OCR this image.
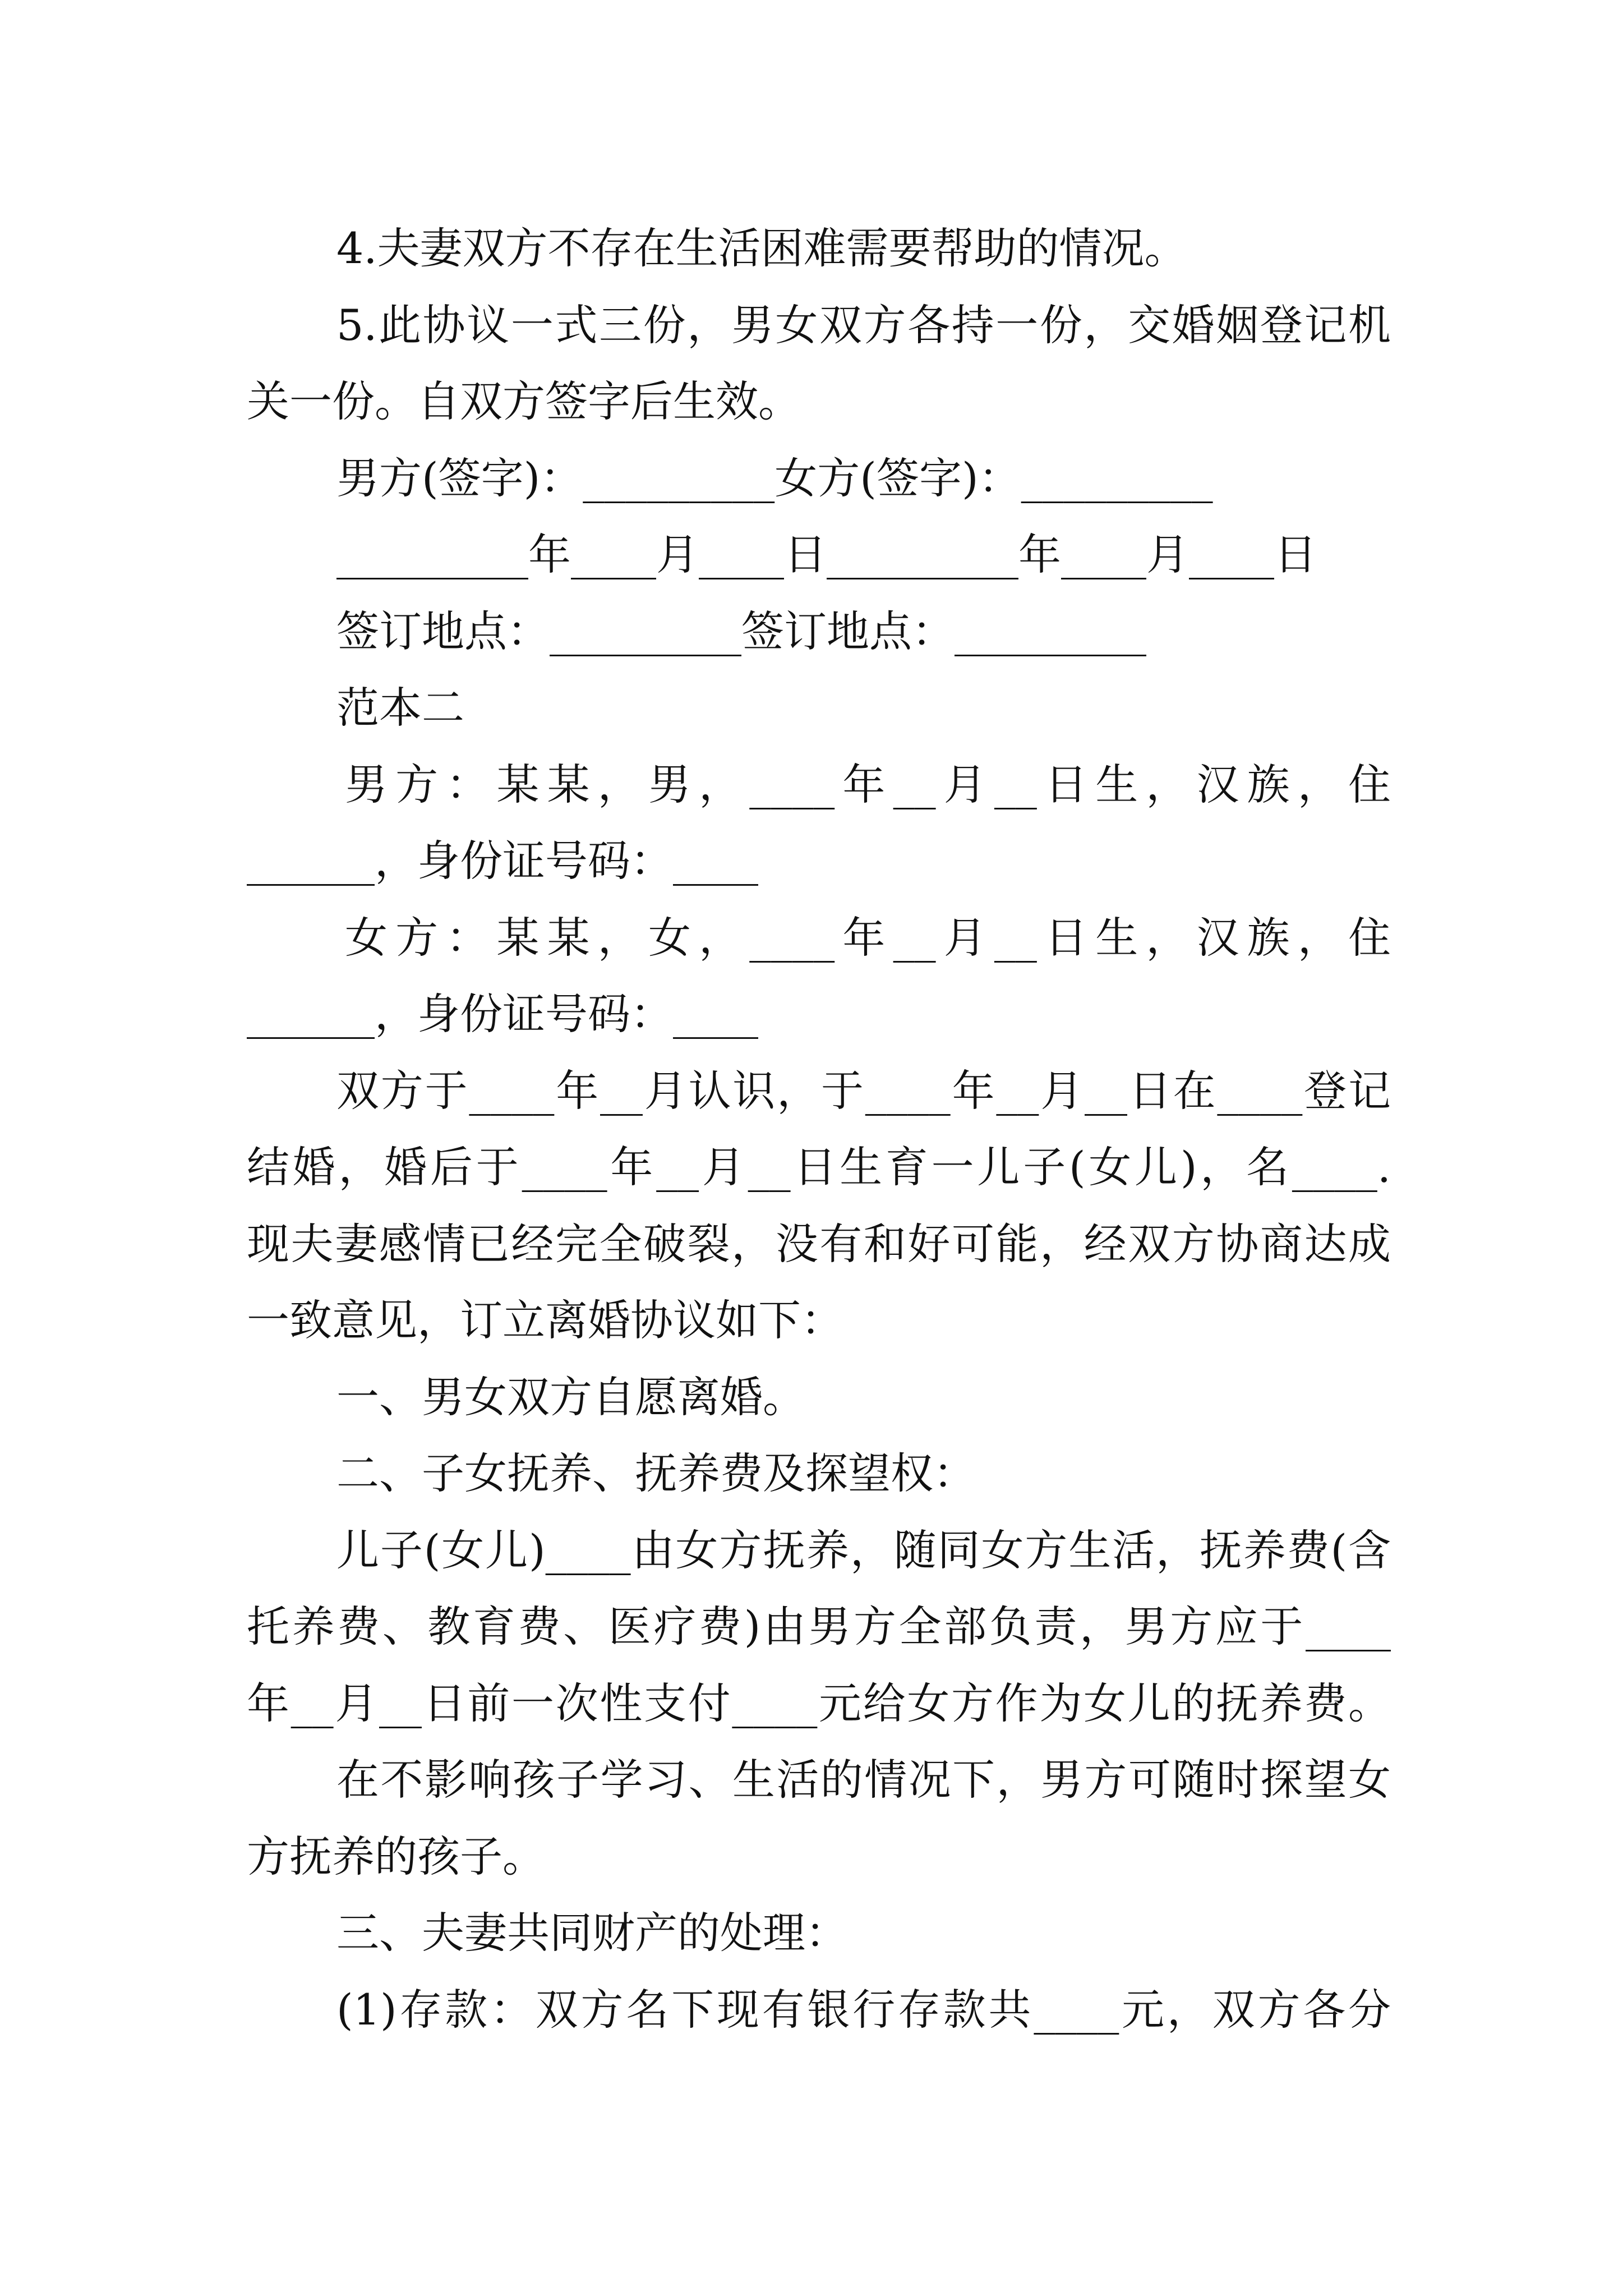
4.夫妻双方不存在生活困难需要帮助的情况。
5.此协议一式三份，男女双方各持一份，交婚姻登记机
关一份。自双方签字后生效。
男方(签字)：_________女方(签字)：_________
_________年____月____日_________年____月____日
签订地点：_________签订地点：_________
范本二
男方：某某，男，____年__月__日生，汉族，住
______，身份证号码：____
女方：某某，女，____年__月__日生，汉族，住
______，身份证号码：____
双方于____年__月认识，于____年__月__日在____登记
结婚，婚后于____年__月__日生育一儿子(女儿)，名____.
现夫妻感情已经完全破裂，没有和好可能，经双方协商达成
一致意见，订立离婚协议如下：
一、男女双方自愿离婚。
二、子女抚养、抚养费及探望权：
儿子(女儿)____由女方抚养，随同女方生活，抚养费(含
托养费、教育费、医疗费)由男方全部负责，男方应于____
年__月__日前一次性支付____元给女方作为女儿的抚养费。
在不影响孩子学习、生活的情况下，男方可随时探望女
方抚养的孩子。
三、夫妻共同财产的处理：
(1)存款：双方名下现有银行存款共____元，双方各分
